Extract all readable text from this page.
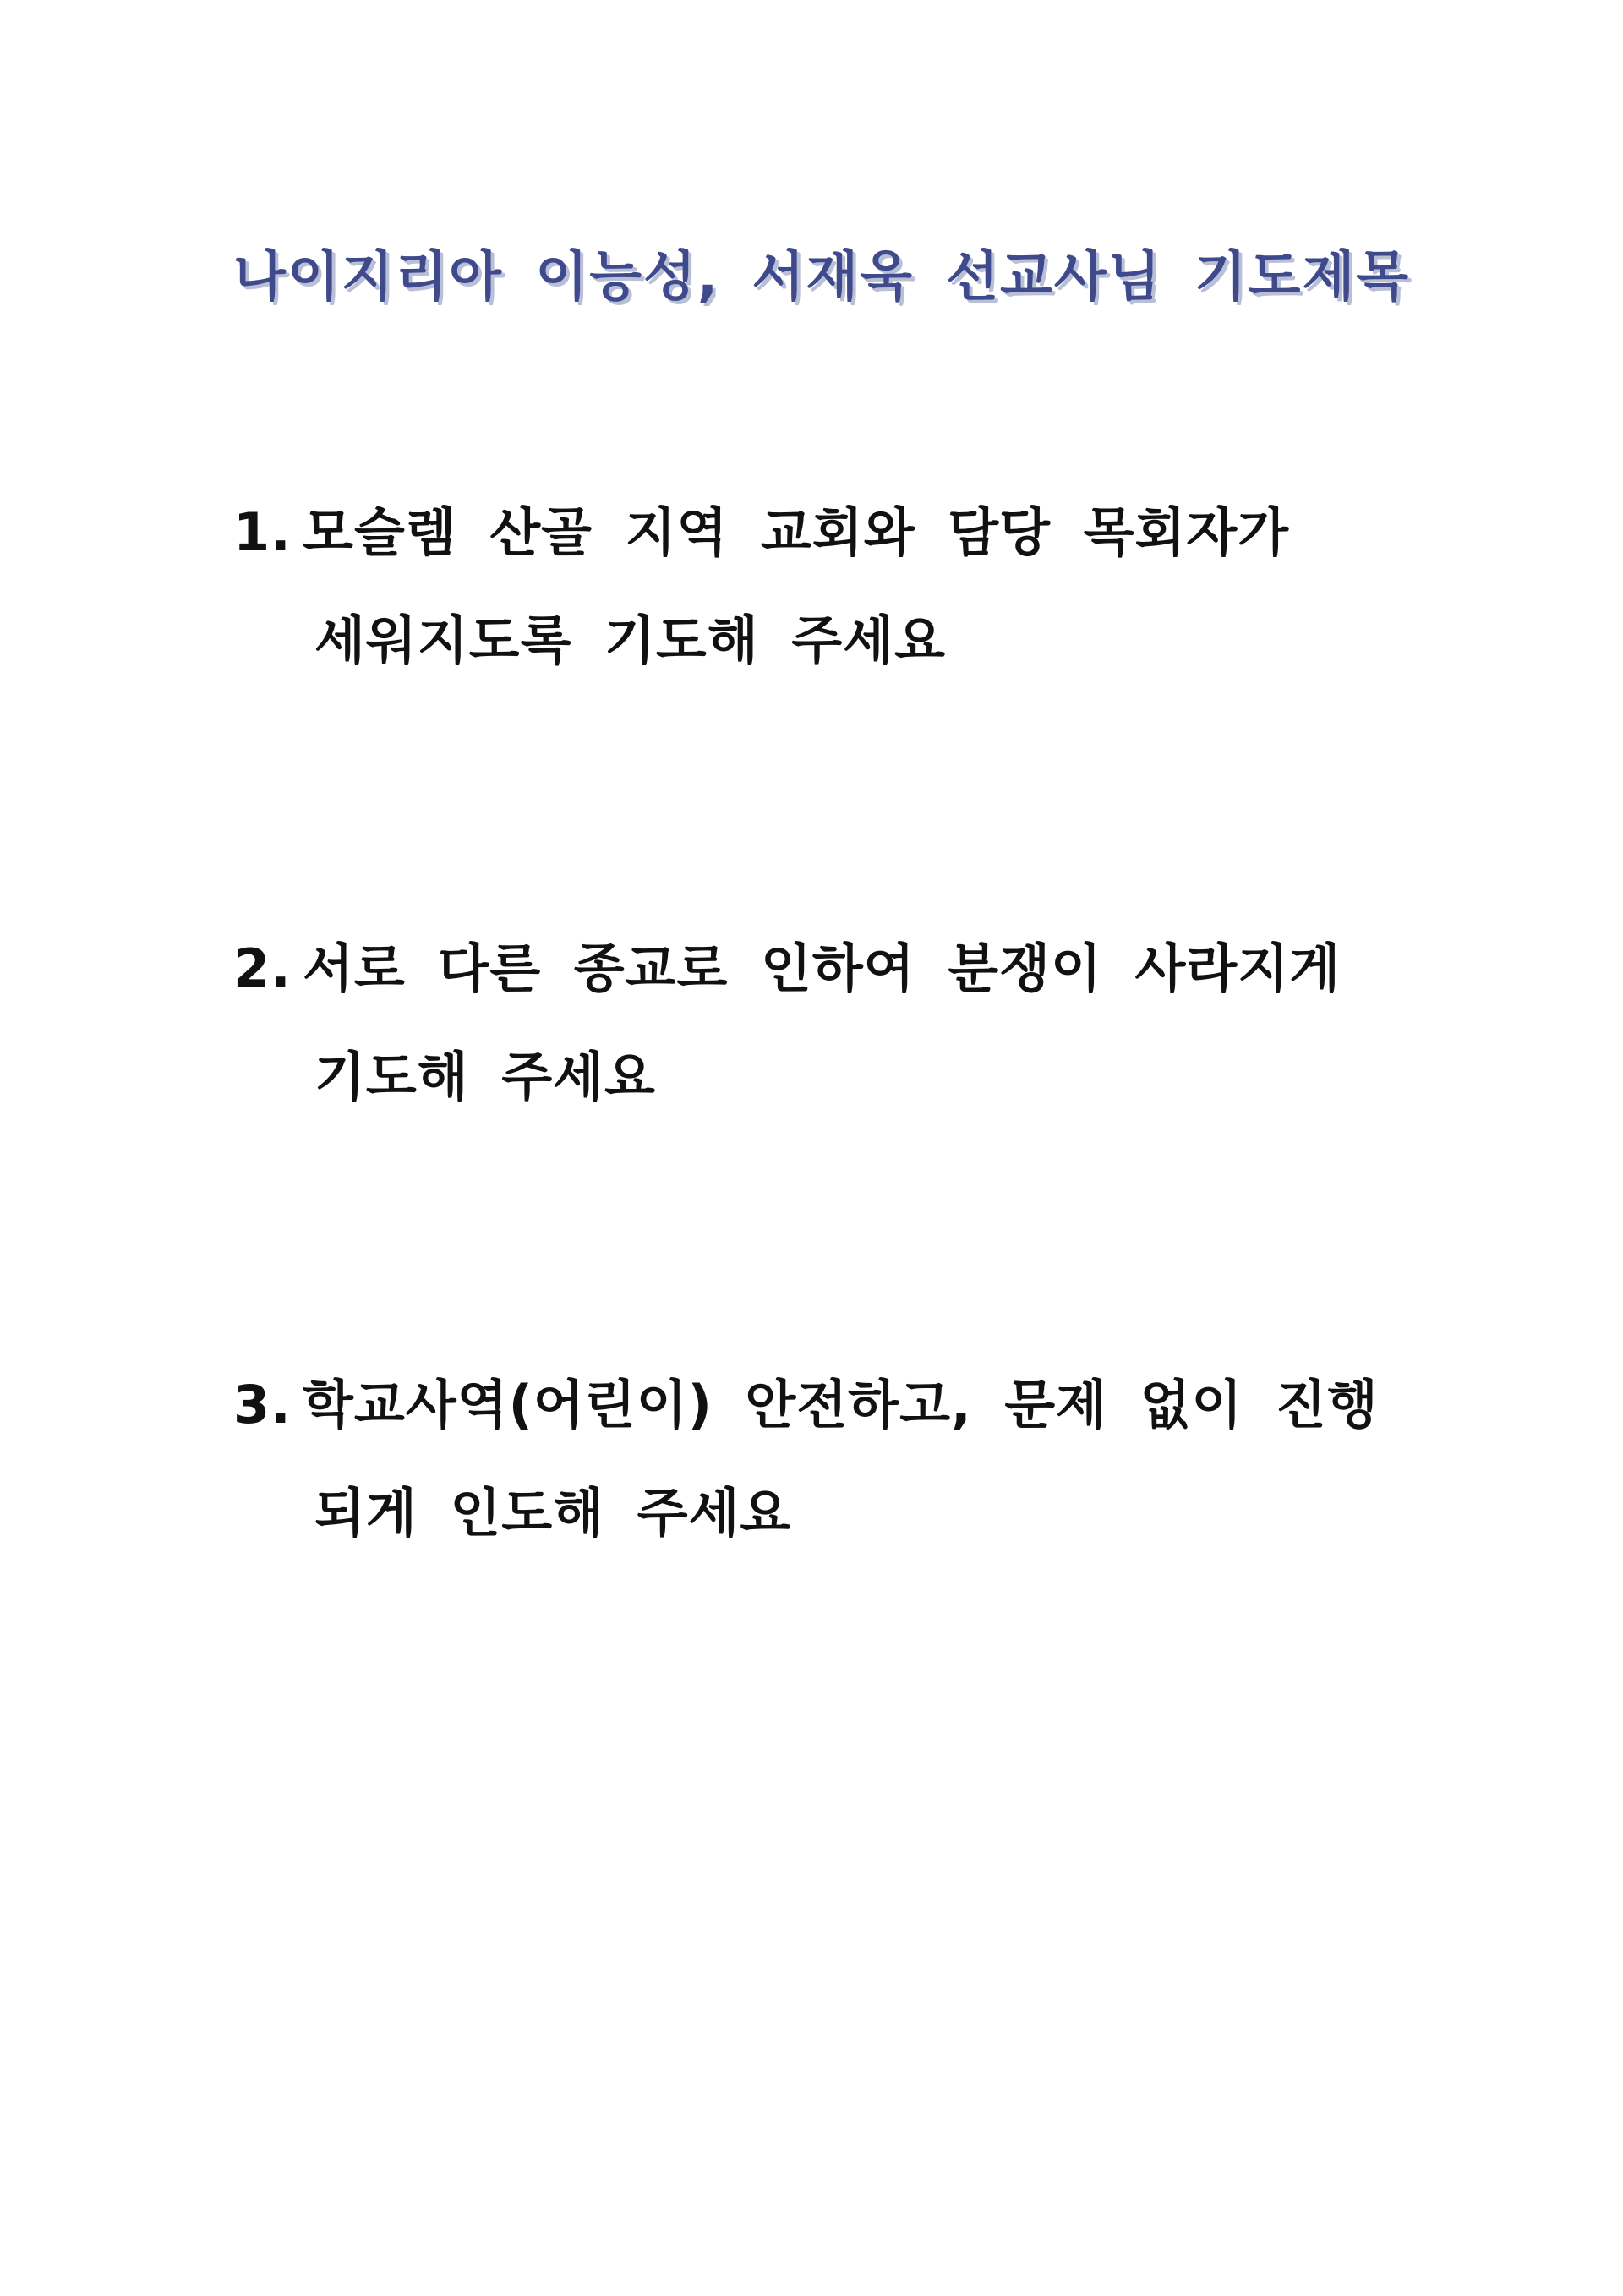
나이지리아 이능성, 서재욱 선교사님 기도제목
1. 모슬렘 산골 지역 교회와 담당 목회자가
세워지도록 기도해 주세요
2. 서로 다른 종교로 인하여 분쟁이 사라지게
기도해 주세요
3. 학교사역(어린이) 안전하고, 문제 없이 진행
되게 인도해 주세요
